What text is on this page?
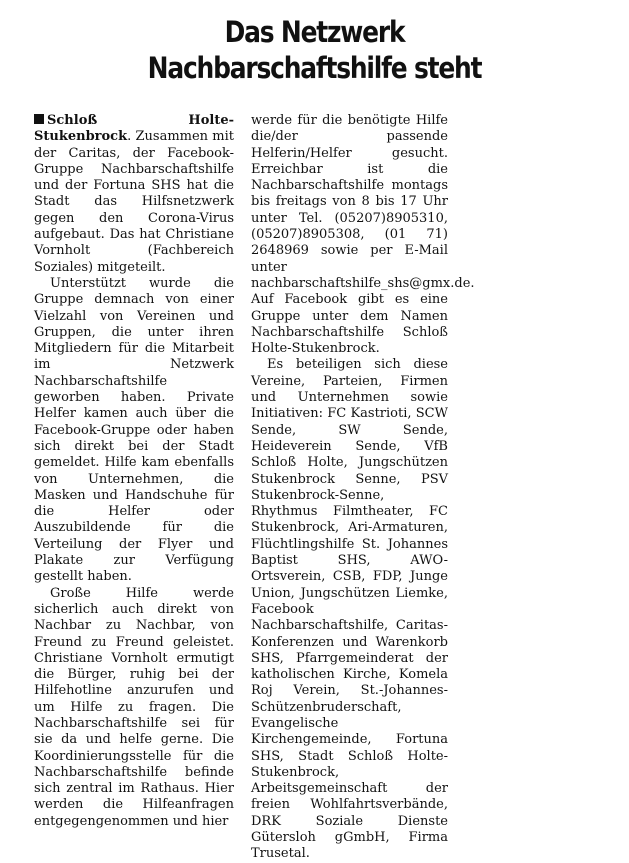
Das Netzwerk
Nachbarschaftshilfe steht

Schloß Holte-Stukenbrock. Zusammen mit der Caritas, der Facebook-Gruppe Nachbarschaftshilfe und der Fortuna SHS hat die Stadt das Hilfsnetzwerk gegen den Corona-Virus aufgebaut. Das hat Christiane Vornholt (Fachbereich Soziales) mitgeteilt.

Unterstützt wurde die Gruppe demnach von einer Vielzahl von Vereinen und Gruppen, die unter ihren Mitgliedern für die Mitarbeit im Netzwerk Nachbarschaftshilfe geworben haben. Private Helfer kamen auch über die Facebook-Gruppe oder haben sich direkt bei der Stadt gemeldet. Hilfe kam ebenfalls von Unternehmen, die Masken und Handschuhe für die Helfer oder Auszubildende für die Verteilung der Flyer und Plakate zur Verfügung gestellt haben.

Große Hilfe werde sicherlich auch direkt von Nachbar zu Nachbar, von Freund zu Freund geleistet. Christiane Vornholt ermutigt die Bürger, ruhig bei der Hilfehotline anzurufen und um Hilfe zu fragen. Die Nachbarschaftshilfe sei für sie da und helfe gerne. Die Koordinierungsstelle für die Nachbarschaftshilfe befinde sich zentral im Rathaus. Hier werden die Hilfeanfragen entgegengenommen und hier

werde für die benötigte Hilfe die/der passende Helferin/Helfer gesucht. Erreichbar ist die Nachbarschaftshilfe montags bis freitags von 8 bis 17 Uhr unter Tel. (05207)8905310, (05207)8905308, (01 71) 2648969 sowie per E-Mail unter nachbarschaftshilfe_shs@gmx.de. Auf Facebook gibt es eine Gruppe unter dem Namen Nachbarschaftshilfe Schloß Holte-Stukenbrock.

Es beteiligen sich diese Vereine, Parteien, Firmen und Unternehmen sowie Initiativen: FC Kastrioti, SCW Sende, SW Sende, Heideverein Sende, VfB Schloß Holte, Jungschützen Stukenbrock Senne, PSV Stukenbrock-Senne, Rhythmus Filmtheater, FC Stukenbrock, Ari-Armaturen, Flüchtlingshilfe St. Johannes Baptist SHS, AWO-Ortsverein, CSB, FDP, Junge Union, Jungschützen Liemke, Facebook Nachbarschaftshilfe, Caritas-Konferenzen und Warenkorb SHS, Pfarrgemeinderat der katholischen Kirche, Komela Roj Verein, St.-Johannes-Schützenbruderschaft, Evangelische Kirchengemeinde, Fortuna SHS, Stadt Schloß Holte-Stukenbrock, Arbeitsgemeinschaft der freien Wohlfahrtsverbände, DRK Soziale Dienste Gütersloh gGmbH, Firma Trusetal.
